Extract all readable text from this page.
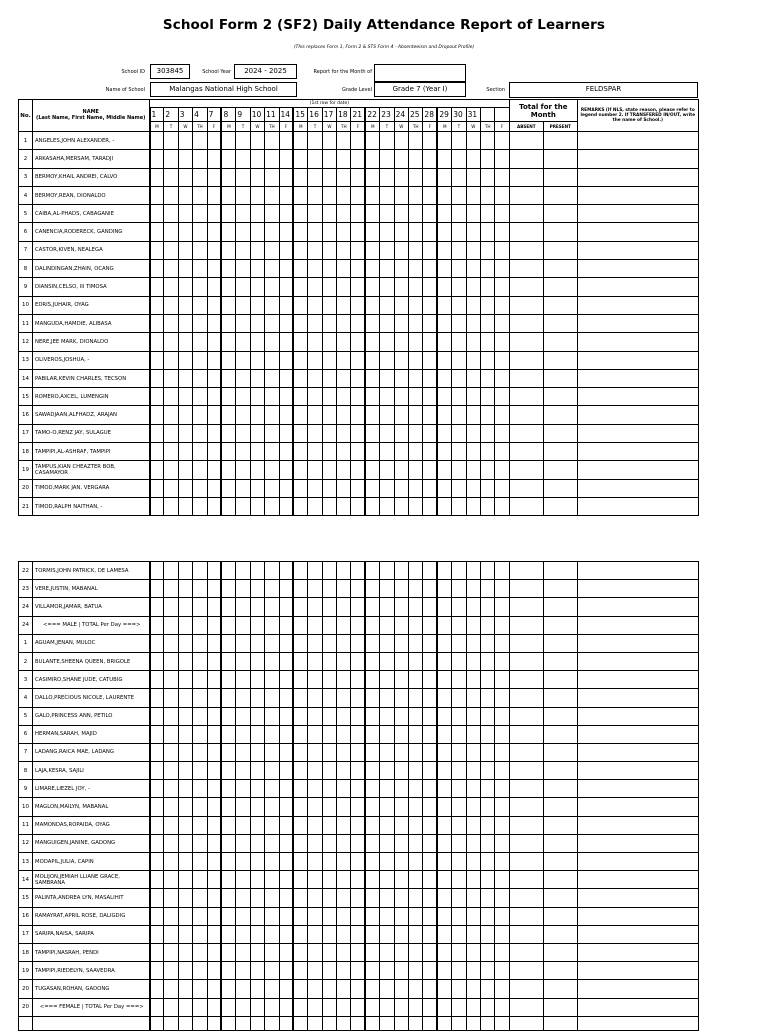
School Form 2 (SF2) Daily Attendance Report of Learners
(This replaces Form 1, Form 2 & STS Form 4 - Absenteeism and Dropout Profile)
School ID	303845	School Year	2024 - 2025	Report for the Month of
Name of School	Malangas National High School	Grade Level	Grade 7 (Year I)	Section	FELDSPAR
No.	NAME
(Last Name, First Name, Middle Name)	(1st row for date)																									Total for the Month		REMARKS (If NLS, state reason, please refer to legend number 2. If TRANSFERED IN/OUT, write the name of School.)
		1	2	3	4	7	8	9	10	11	14	15	16	17	18	21	22	23	24	25	28	29	30	31					
		M	T	W	TH	F	M	T	W	TH	F	M	T	W	TH	F	M	T	W	TH	F	M	T	W	TH	F	ABSENT	PRESENT	
1	ANGELES,JOHN ALEXANDER, -																												
2	ARKASAHA,MERSAM, TARADJI																												
3	BERMOY,KHAIL ANDREI, CALVO																												
4	BERMOY,REAN, DIONALDO																												
5	CAIBA,AL-PHADS, CABAGANIE																												
6	CANENCIA,RODERECK, GANDING																												
7	CASTOR,KIVEN, NEALEGA																												
8	DALINDINGAN,ZHAIN, OCANG																												
9	DIANSIN,CELSO, III TIMOSA																												
10	EDRIS,JUHAIR, OYAG																												
11	MANGUDA,HAMDIE, ALIBASA																												
12	NERE,JEE MARK, DIONALDO																												
13	OLIVEROS,JOSHUA, -																												
14	PABILAR,KEVIN CHARLES, TECSON																												
15	ROMERO,AXCEL, LUMENGIN																												
16	SAWADJAAN,ALFHADZ, ARAJAN																												
17	TAMO-O,RENZ JAY, SULAGUE																												
18	TAMPIPI,AL-ASHRAF, TAMPIPI																												
19	TAMPUS,KIAN CHEAZTER BOB, CASAMAYOR																												
20	TIMOD,MARK JAN, VERGARA																												
21	TIMOD,RALPH NAITHAN, -																												
22	TORMIS,JOHN PATRICK, DE LAMESA																												
23	VERE,JUSTIN, MABANAL																												
24	VILLAMOR,JAMAR, BATUA																												
24	<=== MALE | TOTAL Per Day ===>																												
1	AGUAM,JENAN, MULOC																												
2	BULANTE,SHEENA QUEEN, BRIGOLE																												
3	CASIMIRO,SHANE JUDE, CATUBIG																												
4	DALLO,PRECIOUS NICOLE, LAURENTE																												
5	GALO,PRINCESS ANN, PETILO																												
6	HERMAN,SARAH, MAJID																												
7	LADANG,RAICA MAE, LADANG																												
8	LAJA,KESRA, SAJILI																												
9	LIMARE,LIEZEL JOY, -																												
10	MAGLON,MAILYN, MABANAL																												
11	MAMONDAS,ROPAIDA, OYAG																												
12	MANGUIGEN,JANINE, GADONG																												
13	MODAPIL,JULIA, CAPIN																												
14	MOLIJON,JEMIAH LLIANE GRACE, SAMBRANA																												
15	PALINTA,ANDREA LYN, MASALIHIT																												
16	RAMAYRAT,APRIL ROSE, DALIGDIG																												
17	SARIPA,NAISA, SARIPA																												
18	TAMPIPI,NASRAH, PENDI																												
19	TAMPIPI,RIEDELYN, SAAVEDRA																												
20	TUGASAN,ROHAN, GADONG																												
20	<=== FEMALE | TOTAL Per Day ===>																												
